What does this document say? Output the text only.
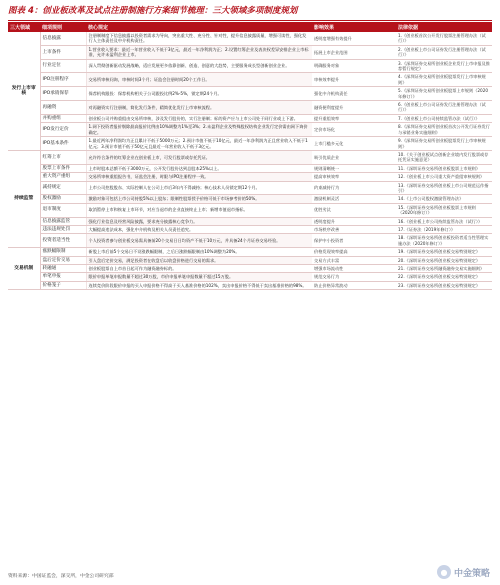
图表 4：创业板改革及试点注册制施行方案细节梳理：三大领域多项制度规划
三大领域	细项规则	核心规定	影响效果	法律依据
发行上市审核	信息披露	注册制制度下信息披露以投资者需求为导向，突出重大性、充分性、针对性，提升信息披露质量，增强可读性，强化发行人主体责任及中介机构责任。	透明度增强有效提升	1.《创业板首次公开发行股票注册管理办法（试行）》
	上市条件	1.营业收入要求：最近一年营业收入不低于3亿元，最近一年净利润为正；2.设置红筹企业及表决权差异安排企业上市标准，允许未盈利企业上市。	拓展上市企业范围	2.《创业板上市公司证券发行注册管理办法（试行）》
	行业定位	深入贯彻创新驱动发展战略，适应发展更多依靠创新、创造、创意的大趋势，主要服务成长型创新创业企业。	明确服务对象	3.《深圳证券交易所创业板企业发行上市申报及推荐暂行规定》
	IPO注册程序	交易所审核问询，审核时间3个月；证监会注册时间20个工作日。	审核效率提升	4.《深圳证券交易所创业板股票发行上市审核规则》
	IPO承销保荐	保荐机构跟投：保荐机构相关子公司跟投比例2%-5%，锁定期24个月。	强化中介机构责任	5.《深圳证券交易所创业板股票上市规则（2020年修订）》
	再融资	对再融资实行注册制，简化发行条件，精简优化发行上市审核流程。	融资便利度提升	6.《创业板上市公司证券发行注册管理办法（试行）》
	并购重组	创业板公司并购重组由交易所审核，涉及发行股份的，实行注册制；标的资产应与上市公司处于同行业或上下游。	提升重组效率	7.《创业板上市公司持续监管办法（试行）》
	IPO发行定价	1.网下投资者报价剔除最高报价比例由10%调整为1%至3%；2.未盈利企业及特殊股权结构企业发行定价需由网下询价确定。	定价市场化	8.《深圳证券交易所创业板首次公开发行证券发行与承销业务实施细则》
	IPO基本条件	1.最近两年净利润均为正且累计不低于5000万元；2.预计市值不低于10亿元，最近一年净利润为正且营业收入不低于1亿元；3.预计市值不低于50亿元且最近一年营业收入不低于3亿元。	上市门槛多元化	9.《深圳证券交易所创业板股票发行上市审核规则》
持续监管	红筹上市	允许符合条件的红筹企业在创业板上市，可发行股票或存托凭证。	吸引优质企业	10.《关于创业板试点创新企业境内发行股票或存托凭证实施意见》
	股票上市条件	上市时股本总额不低于3000万元，公开发行股份达到总股本25%以上。	规则清晰统一	11.《深圳证券交易所创业板股票上市规则》
	重大资产重组	交易所审核重组报告书，证监会注册，时限与IPO注册程序一致。	提高审核效率	12.《创业板上市公司重大资产重组审核规则》
	减持规定	上市公司控股股东、实际控制人在公司上市后3年内不得减持；核心技术人员锁定期12个月。	约束减持行为	13.《深圳证券交易所创业板上市公司规范运作指引》
	股权激励	激励对象可包括上市公司持股5%以上股东；限制性股票授予价格可低于市场参考价的50%。	激励机制灵活	14.《上市公司股权激励管理办法》
	退市制度	取消暂停上市和恢复上市环节，对应当退市的企业直接终止上市；新增市值退市指标。	优胜劣汰	15.《深圳证券交易所创业板股票上市规则（2020年修订）》
	信息披露监管	强化行业信息及经营风险披露，要求充分披露核心竞争力。	透明度提升	16.《创业板上市公司持续监管办法（试行）》
	违法违规处罚	大幅提高违法成本，强化中介机构及相关人员责任追究。	市场秩序改善	17.《证券法（2019年修订）》
	投资者适当性	个人投资者参与创业板交易需具备前20个交易日日均资产不低于10万元，并具备24个月证券交易经验。	保护中小投资者	18.《深圳证券交易所创业板投资者适当性管理实施办法（2020年修订）》
交易机制	涨跌幅限制	新股上市后前5个交易日不设涨跌幅限制，之后日涨跌幅限制由10%调整为20%。	价格发现效率提高	19.《深圳证券交易所创业板交易特别规定》
	盘后定价交易	引入盘后定价交易，满足投资者在收盘后以收盘价格进行交易的需求。	交易方式丰富	20.《深圳证券交易所创业板交易特别规定》
	转融通	创业板股票自上市首日起可作为融资融券标的。	增强市场流动性	21.《深圳证券交易所融资融券交易实施细则》
	单笔申报	限价申报单笔申报数量不超过30万股，市价申报单笔申报数量不超过15万股。	规范交易行为	22.《深圳证券交易所创业板交易特别规定》
	价格笼子	连续竞价阶段限价申报的买入申报价格不得高于买入基准价格的102%，卖出申报价格不得低于卖出基准价格的98%。	防止价格异常波动	23.《深圳证券交易所创业板交易特别规定》
资料来源：中国证监会，深交所，中金公司研究部	● 中金策略
